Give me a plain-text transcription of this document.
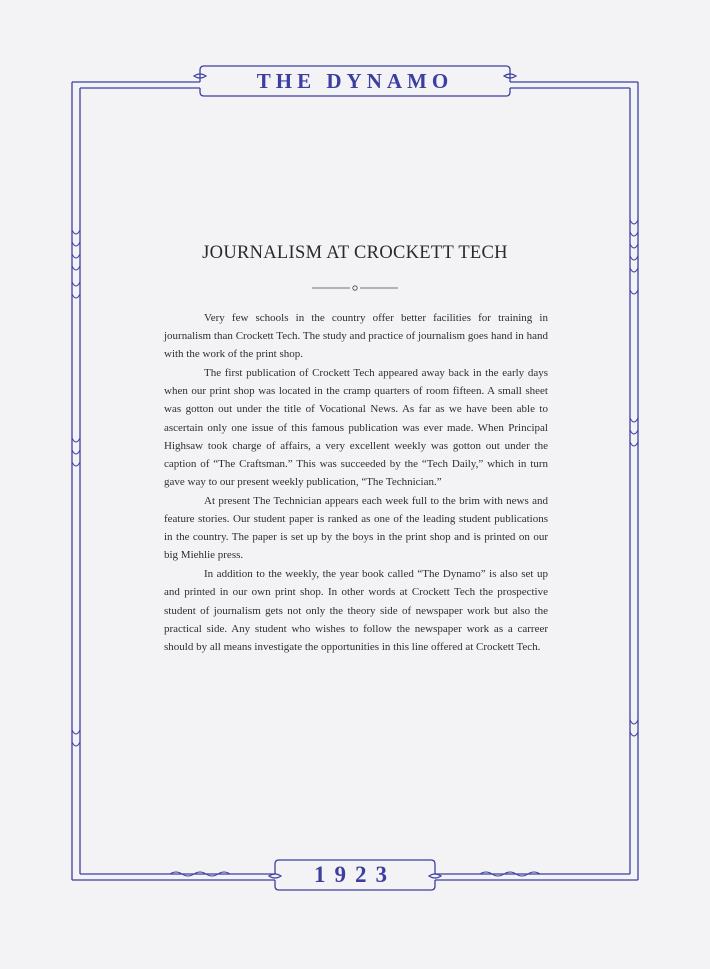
THE DYNAMO
JOURNALISM AT CROCKETT TECH

Very few schools in the country offer better facilities for training in journalism than Crockett Tech. The study and practice of journalism goes hand in hand with the work of the print shop.

The first publication of Crockett Tech appeared away back in the early days when our print shop was located in the cramp quarters of room fifteen. A small sheet was gotton out under the title of Vocational News. As far as we have been able to ascertain only one issue of this famous publication was ever made. When Principal Highsaw took charge of affairs, a very excellent weekly was gotton out under the caption of “The Craftsman.” This was succeeded by the “Tech Daily,” which in turn gave way to our present weekly publication, “The Technician.”

At present The Technician appears each week full to the brim with news and feature stories. Our student paper is ranked as one of the leading student publications in the country. The paper is set up by the boys in the print shop and is printed on our big Miehlie press.

In addition to the weekly, the year book called “The Dynamo” is also set up and printed in our own print shop. In other words at Crockett Tech the prospective student of journalism gets not only the theory side of newspaper work but also the practical side. Any student who wishes to follow the newspaper work as a carreer should by all means investigate the opportunities in this line offered at Crockett Tech.

1923
